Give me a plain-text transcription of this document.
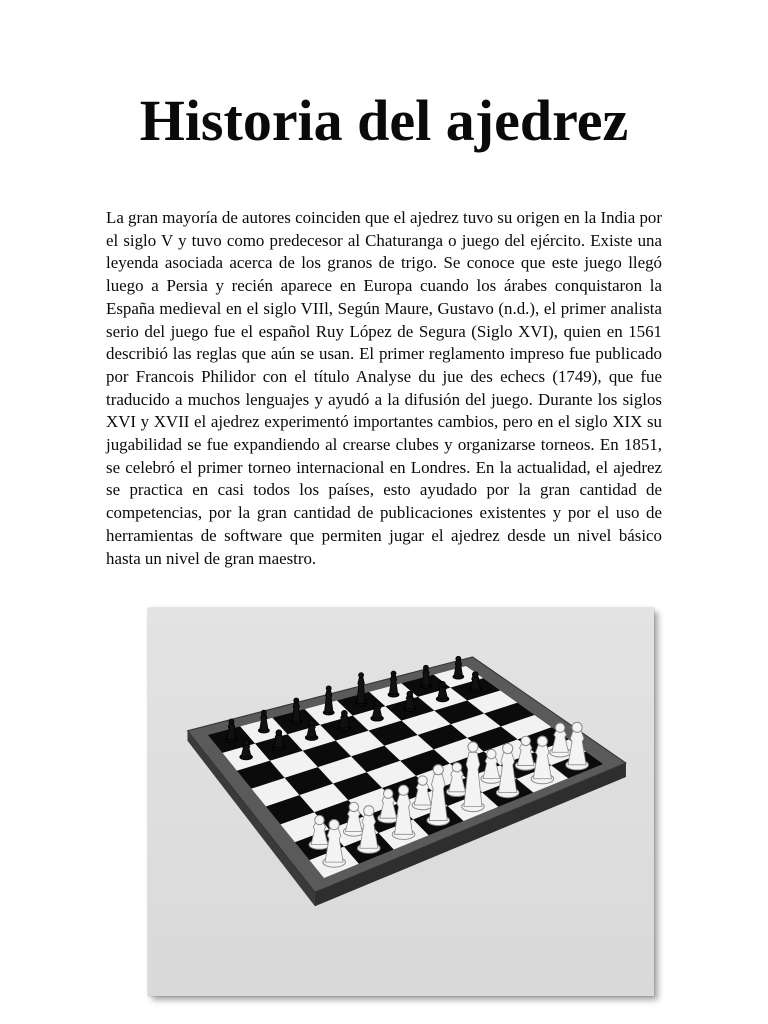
Historia del ajedrez

La gran mayoría de autores coinciden que el ajedrez tuvo su origen en la India por el siglo V y tuvo como predecesor al Chaturanga o juego del ejército. Existe una leyenda asociada acerca de los granos de trigo. Se conoce que este juego llegó luego a Persia y recién aparece en Europa cuando los árabes conquistaron la España medieval en el siglo VIIl, Según Maure, Gustavo (n.d.), el primer analista serio del juego fue el español Ruy López de Segura (Siglo XVI), quien en 1561 describió las reglas que aún se usan. El primer reglamento impreso fue publicado por Francois Philidor con el título Analyse du jue des echecs (1749), que fue traducido a muchos lenguajes y ayudó a la difusión del juego. Durante los siglos XVI y XVII el ajedrez experimentó importantes cambios, pero en el siglo XIX su jugabilidad se fue expandiendo al crearse clubes y organizarse torneos. En 1851, se celebró el primer torneo internacional en Londres. En la actualidad, el ajedrez se practica en casi todos los países, esto ayudado por la gran cantidad de competencias, por la gran cantidad de publicaciones existentes y por el uso de herramientas de software que permiten jugar el ajedrez desde un nivel básico hasta un nivel de gran maestro.
